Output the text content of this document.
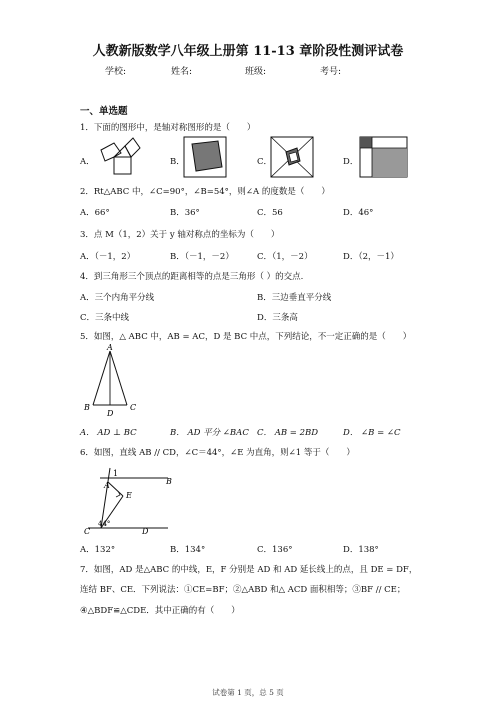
人教新版数学八年级上册第 11-13 章阶段性测评试卷
学校:	姓名:	班级:	考号:
一、单选题
1．下面的图形中，是轴对称图形的是（　　）
A．	B．	C．	D．
2．Rt△ABC 中，∠C=90°，∠B=54°，则∠A 的度数是（　　）
A．66°	B．36°	C．56	D．46°
3．点 M（1，2）关于 y 轴对称点的坐标为（　　）
A．（－1，2）	B．（－1，－2）	C．（1，－2）	D．（2，－1）
4．到三角形三个顶点的距离相等的点是三角形（ ）的交点.
A．三个内角平分线	B．三边垂直平分线
C．三条中线	D．三条高
5．如图，△ ABC 中，AB = AC，D 是 BC 中点，下列结论，不一定正确的是（　　）
A
B	C
D
A． AD ⊥ BC	B． AD 平分 ∠BAC C． AB = 2BD	D． ∠B = ∠C
6．如图，直线 AB // CD，∠C＝44°，∠E 为直角，则∠1 等于（　　）
1
A	B
E
C	D
44°
A．132°	B．134°	C．136°	D．138°
7．如图，AD 是△ABC 的中线，E，F 分别是 AD 和 AD 延长线上的点，且 DE = DF，
连结 BF、CE．下列说法：①CE=BF；②△ABD 和△ ACD 面积相等；③BF // CE；
④△BDF≌△CDE．其中正确的有（　　）
试卷第 1 页，总 5 页
